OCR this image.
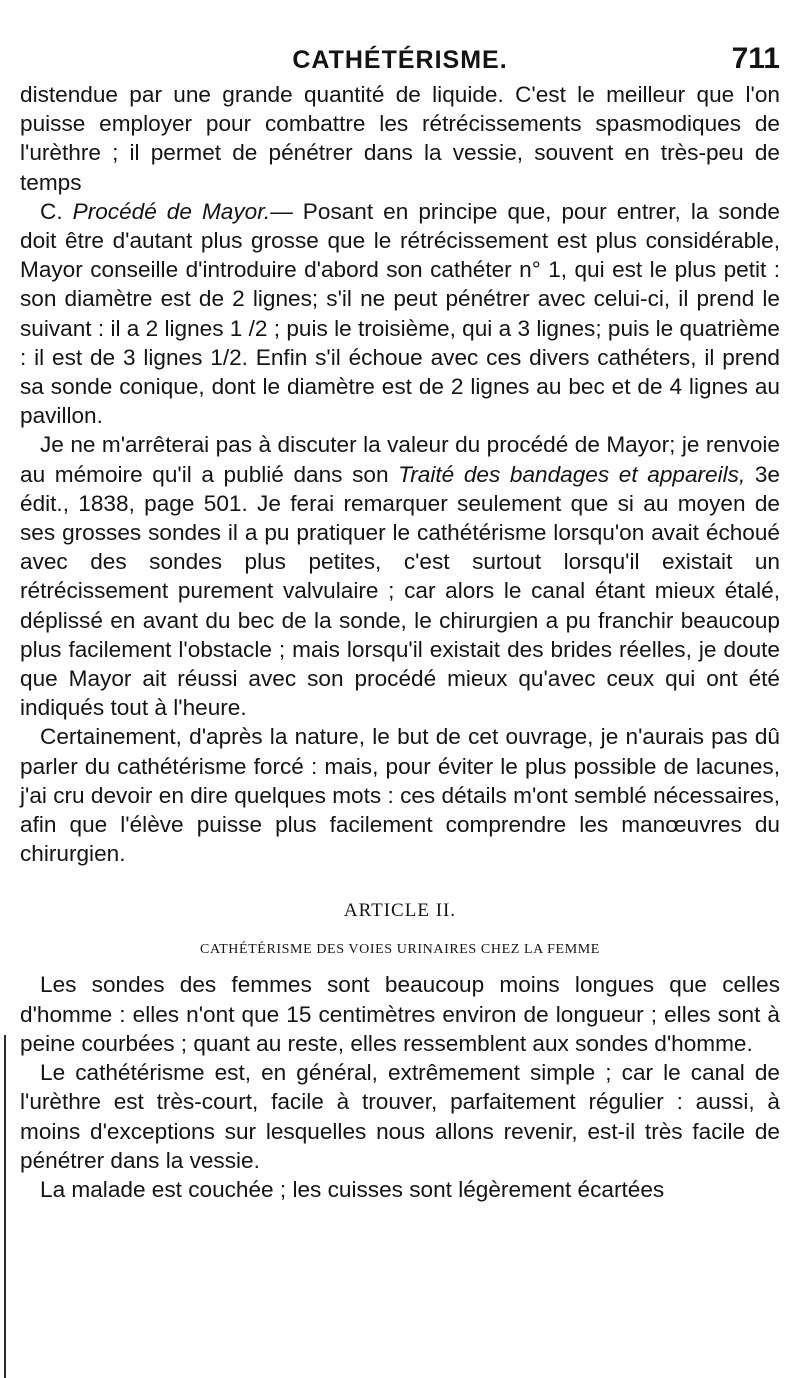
CATHÉTÉRISME.	711

distendue par une grande quantité de liquide. C'est le meilleur que l'on puisse employer pour combattre les rétrécissements spasmodiques de l'urèthre ; il permet de pénétrer dans la vessie, souvent en très-peu de temps

C. Procédé de Mayor.— Posant en principe que, pour entrer, la sonde doit être d'autant plus grosse que le rétrécissement est plus considérable, Mayor conseille d'introduire d'abord son cathéter n° 1, qui est le plus petit : son diamètre est de 2 lignes; s'il ne peut pénétrer avec celui-ci, il prend le suivant : il a 2 lignes 1 /2 ; puis le troisième, qui a 3 lignes; puis le quatrième : il est de 3 lignes 1/2. Enfin s'il échoue avec ces divers cathéters, il prend sa sonde conique, dont le diamètre est de 2 lignes au bec et de 4 lignes au pavillon.

Je ne m'arrêterai pas à discuter la valeur du procédé de Mayor; je renvoie au mémoire qu'il a publié dans son Traité des bandages et appareils, 3e édit., 1838, page 501. Je ferai remarquer seulement que si au moyen de ses grosses sondes il a pu pratiquer le cathétérisme lorsqu'on avait échoué avec des sondes plus petites, c'est surtout lorsqu'il existait un rétrécissement purement valvulaire ; car alors le canal étant mieux étalé, déplissé en avant du bec de la sonde, le chirurgien a pu franchir beaucoup plus facilement l'obstacle ; mais lorsqu'il existait des brides réelles, je doute que Mayor ait réussi avec son procédé mieux qu'avec ceux qui ont été indiqués tout à l'heure.

Certainement, d'après la nature, le but de cet ouvrage, je n'aurais pas dû parler du cathétérisme forcé : mais, pour éviter le plus possible de lacunes, j'ai cru devoir en dire quelques mots : ces détails m'ont semblé nécessaires, afin que l'élève puisse plus facilement comprendre les manœuvres du chirurgien.

ARTICLE II.
CATHÉTÉRISME DES VOIES URINAIRES CHEZ LA FEMME

Les sondes des femmes sont beaucoup moins longues que celles d'homme : elles n'ont que 15 centimètres environ de longueur ; elles sont à peine courbées ; quant au reste, elles ressemblent aux sondes d'homme.

Le cathétérisme est, en général, extrêmement simple ; car le canal de l'urèthre est très-court, facile à trouver, parfaitement régulier : aussi, à moins d'exceptions sur lesquelles nous allons revenir, est-il très facile de pénétrer dans la vessie.

La malade est couchée ; les cuisses sont légèrement écartées
